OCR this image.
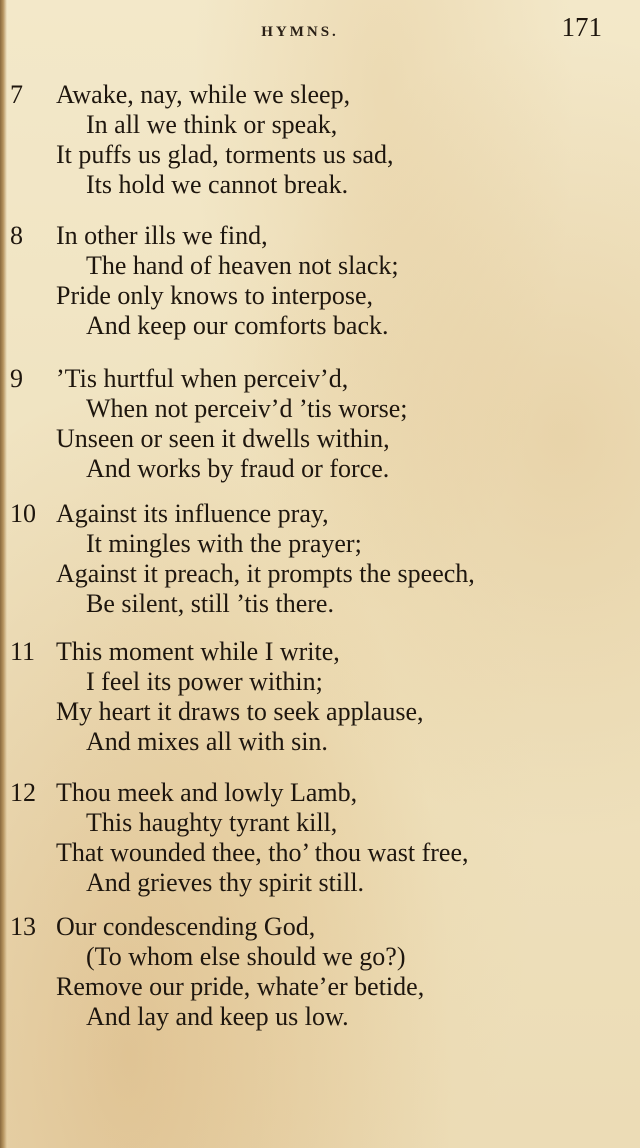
HYMNS.	171
7 Awake, nay, while we sleep,
In all we think or speak,
It puffs us glad, torments us sad,
Its hold we cannot break.
8 In other ills we find,
The hand of heaven not slack;
Pride only knows to interpose,
And keep our comforts back.
9 ’Tis hurtful when perceiv’d,
When not perceiv’d ’tis worse;
Unseen or seen it dwells within,
And works by fraud or force.
10 Against its influence pray,
It mingles with the prayer;
Against it preach, it prompts the speech,
Be silent, still ’tis there.
11 This moment while I write,
I feel its power within;
My heart it draws to seek applause,
And mixes all with sin.
12 Thou meek and lowly Lamb,
This haughty tyrant kill,
That wounded thee, tho’ thou wast free,
And grieves thy spirit still.
13 Our condescending God,
(To whom else should we go?)
Remove our pride, whate’er betide,
And lay and keep us low.
